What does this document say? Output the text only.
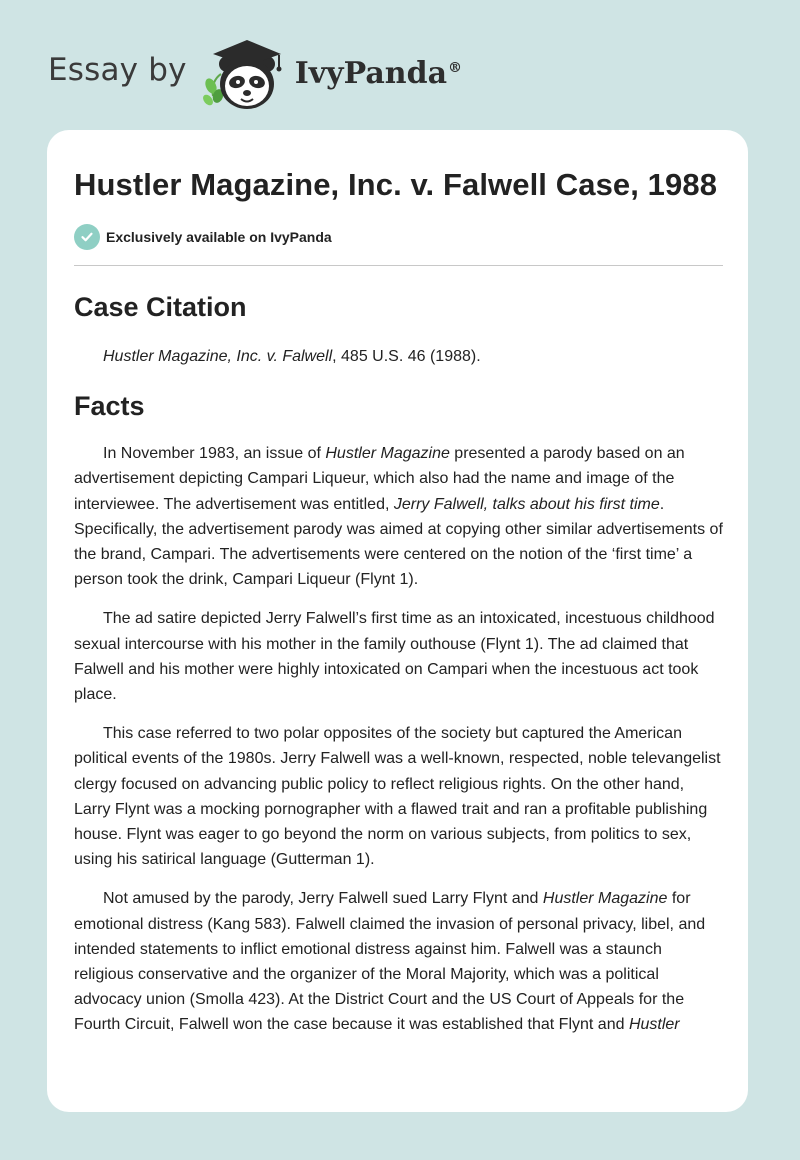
Essay by	IvyPanda®
Hustler Magazine, Inc. v. Falwell Case, 1988
Exclusively available on IvyPanda
Case Citation

Hustler Magazine, Inc. v. Falwell, 485 U.S. 46 (1988).

Facts

In November 1983, an issue of Hustler Magazine presented a parody based on an advertisement depicting Campari Liqueur, which also had the name and image of the interviewee. The advertisement was entitled, Jerry Falwell, talks about his first time. Specifically, the advertisement parody was aimed at copying other similar advertisements of the brand, Campari. The advertisements were centered on the notion of the ‘first time’ a person took the drink, Campari Liqueur (Flynt 1).

The ad satire depicted Jerry Falwell’s first time as an intoxicated, incestuous childhood sexual intercourse with his mother in the family outhouse (Flynt 1). The ad claimed that Falwell and his mother were highly intoxicated on Campari when the incestuous act took place.

This case referred to two polar opposites of the society but captured the American political events of the 1980s. Jerry Falwell was a well-known, respected, noble televangelist clergy focused on advancing public policy to reflect religious rights. On the other hand, Larry Flynt was a mocking pornographer with a flawed trait and ran a profitable publishing house. Flynt was eager to go beyond the norm on various subjects, from politics to sex, using his satirical language (Gutterman 1).

Not amused by the parody, Jerry Falwell sued Larry Flynt and Hustler Magazine for emotional distress (Kang 583). Falwell claimed the invasion of personal privacy, libel, and intended statements to inflict emotional distress against him. Falwell was a staunch religious conservative and the organizer of the Moral Majority, which was a political advocacy union (Smolla 423). At the District Court and the US Court of Appeals for the Fourth Circuit, Falwell won the case because it was established that Flynt and Hustler
